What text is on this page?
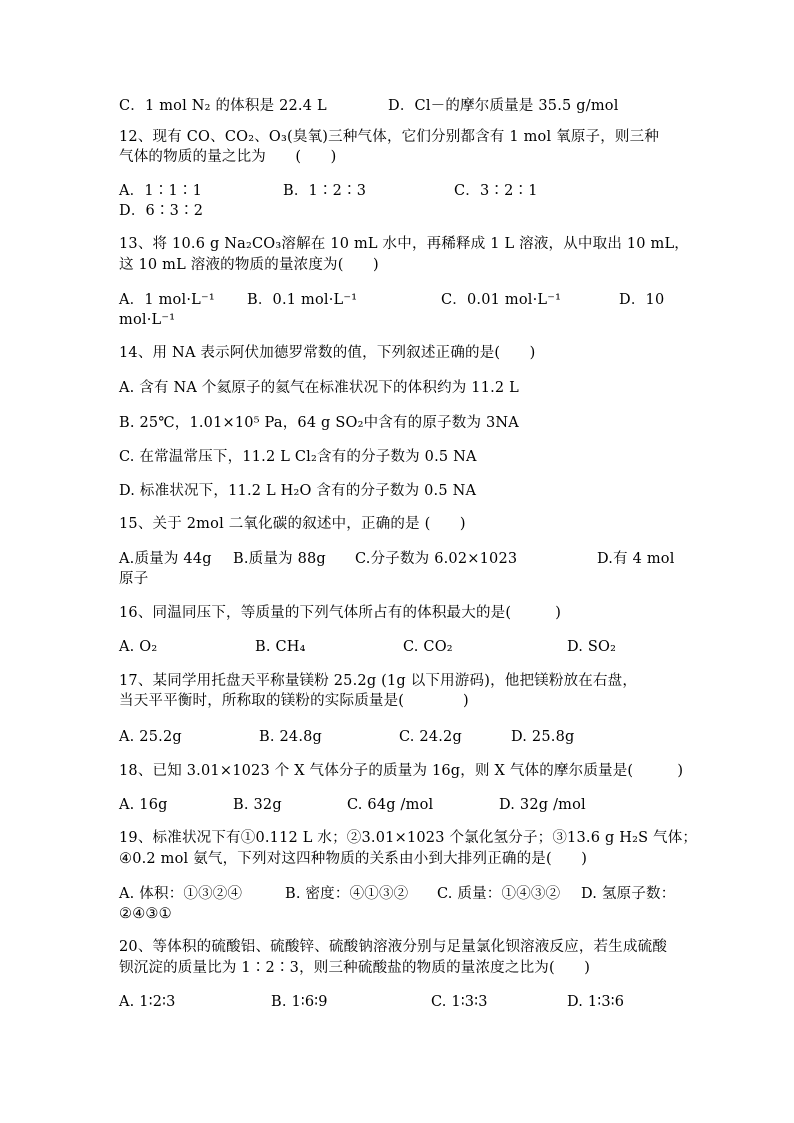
C．1 mol N₂ 的体积是 22.4 L	D．Cl－的摩尔质量是 35.5 g/mol
12、现有 CO、CO₂、O₃(臭氧)三种气体，它们分别都含有 1 mol 氧原子，则三种
气体的物质的量之比为　　(　　)
A．1∶1∶1	B．1∶2∶3	C．3∶2∶1
D．6∶3∶2
13、将 10.6 g Na₂CO₃溶解在 10 mL 水中，再稀释成 1 L 溶液，从中取出 10 mL，
这 10 mL 溶液的物质的量浓度为(　　)
A．1 mol·L⁻¹ B．0.1 mol·L⁻¹	C．0.01 mol·L⁻¹	D．10
mol·L⁻¹
14、用 NA 表示阿伏加德罗常数的值，下列叙述正确的是(　　)
A. 含有 NA 个氦原子的氦气在标准状况下的体积约为 11.2 L
B. 25℃，1.01×10⁵ Pa，64 g SO₂中含有的原子数为 3NA
C. 在常温常压下，11.2 L Cl₂含有的分子数为 0.5 NA
D. 标准状况下，11.2 L H₂O 含有的分子数为 0.5 NA
15、关于 2mol 二氧化碳的叙述中，正确的是 (　　)
A.质量为 44g B.质量为 88g C.分子数为 6.02×1023	D.有 4 mol
原子
16、同温同压下，等质量的下列气体所占有的体积最大的是(　　　)
A. O₂	B. CH₄	C. CO₂	D. SO₂
17、某同学用托盘天平称量镁粉 25.2g (1g 以下用游码)，他把镁粉放在右盘，
当天平平衡时，所称取的镁粉的实际质量是(　　　　)
A. 25.2g	B. 24.8g	C. 24.2g	D. 25.8g
18、已知 3.01×1023 个 X 气体分子的质量为 16g，则 X 气体的摩尔质量是(　　　)
A. 16g	B. 32g	C. 64g /mol	D. 32g /mol
19、标准状况下有①0.112 L 水；②3.01×1023 个氯化氢分子；③13.6 g H₂S 气体；
④0.2 mol 氨气，下列对这四种物质的关系由小到大排列正确的是(　　)
A. 体积：①③②④	B. 密度：④①③② C. 质量：①④③② D. 氢原子数：
②④③①
20、等体积的硫酸铝、硫酸锌、硫酸钠溶液分别与足量氯化钡溶液反应，若生成硫酸
钡沉淀的质量比为 1∶2∶3，则三种硫酸盐的物质的量浓度之比为(　　)
A. 1∶2∶3	B. 1∶6∶9	C. 1∶3∶3	D. 1∶3∶6
